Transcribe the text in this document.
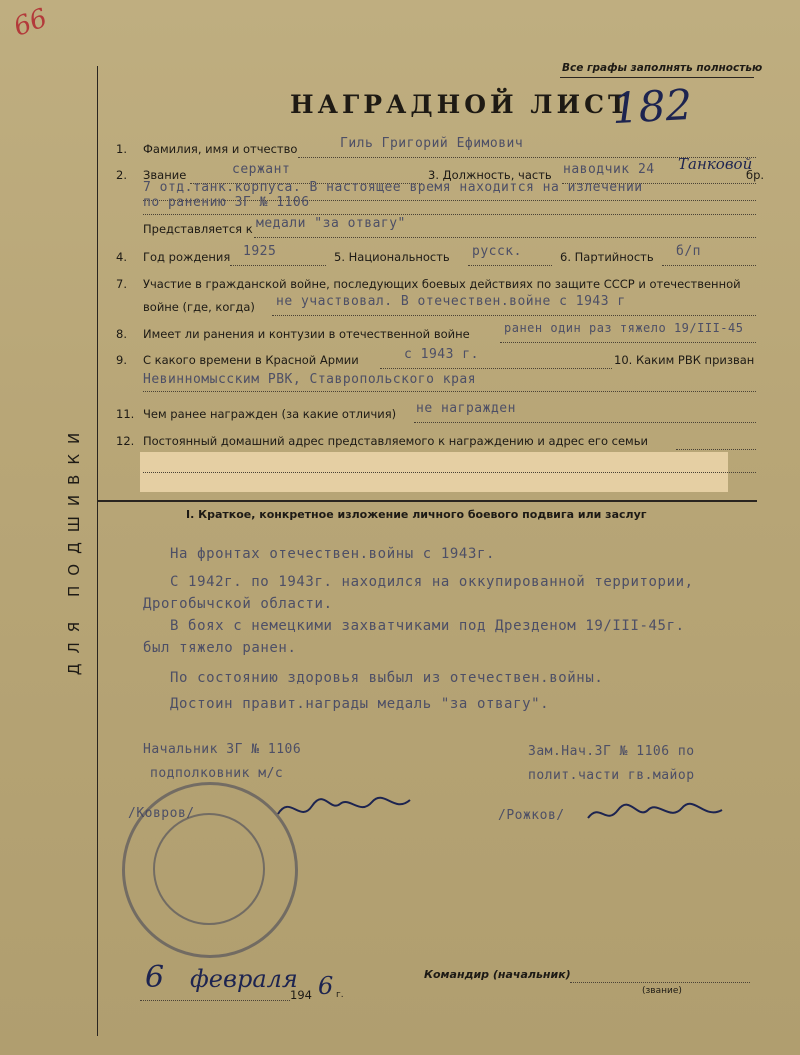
66
Все графы заполнять полностью
ДЛЯ ПОДШИВКИ
НАГРАДНОЙ ЛИСТ
182
1. Фамилия, имя и отчество	Гиль Григорий Ефимович
2. Звание	сержант	3. Должность, часть наводчик 24 Танковой
бр.
7 отд.танк.корпуса. В настоящее время находится на излечении
по ранению ЗГ № 1106
Представляется к медали "за отвагу"
4. Год рождения 1925	5. Национальность русск.	6. Партийность б/п
7. Участие в гражданской войне, последующих боевых действиях по защите СССР и отечественной
войне (где, когда) не участвовал. В отечествен.войне с 1943 г
8. Имеет ли ранения и контузии в отечественной войне	ранен один раз тяжело 19/III-45
9. С какого времени в Красной Армии	с 1943 г.	10. Каким РВК призван
Невинномысским РВК, Ставропольского края
11. Чем ранее награжден (за какие отличия) не награжден
12. Постоянный домашний адрес представляемого к награждению и адрес его семьи
I. Краткое, конкретное изложение личного боевого подвига или заслуг
На фронтах отечествен.войны с 1943г.
С 1942г. по 1943г. находился на оккупированной территории,
Дрогобычской области.
В боях с немецкими захватчиками под Дрезденом 19/III-45г.
был тяжело ранен.
По состоянию здоровья выбыл из отечествен.войны.
Достоин правит.награды медаль "за отвагу".
Начальник ЗГ № 1106
подполковник м/с
/Ковров/
Зам.Нач.ЗГ № 1106 по
полит.части гв.майор
/Рожков/
6 февраля
194 6 г.
Командир (начальник)
(звание)
